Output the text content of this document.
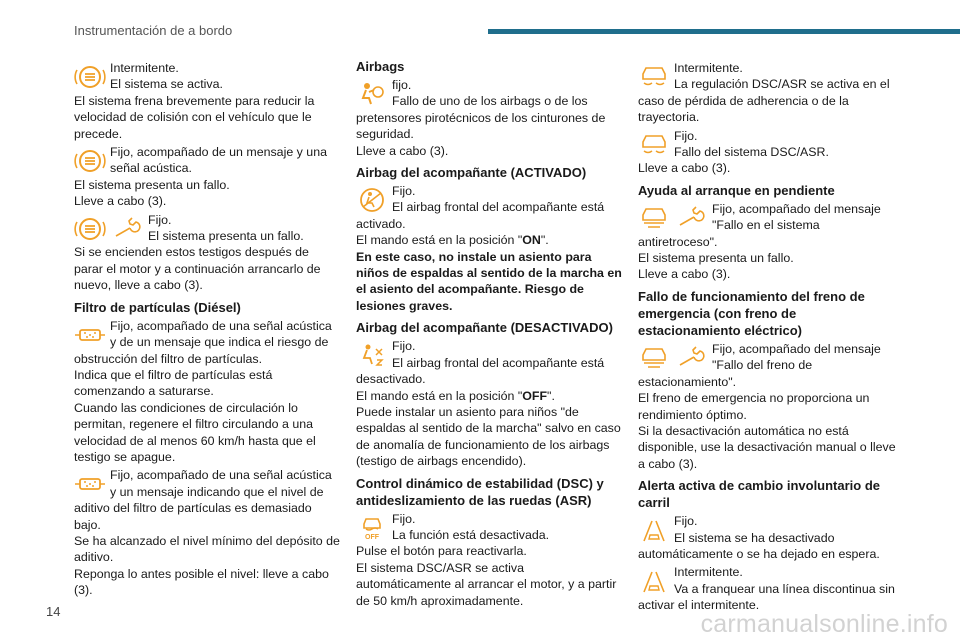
Instrumentación de a bordo

Intermitente.

El sistema se activa.

El sistema frena brevemente para reducir la velocidad de colisión con el vehículo que le precede.

Fijo, acompañado de un mensaje y una señal acústica.

El sistema presenta un fallo.

Lleve a cabo (3).

Fijo.

El sistema presenta un fallo.

Si se encienden estos testigos después de parar el motor y a continuación arrancarlo de nuevo, lleve a cabo (3).

Filtro de partículas (Diésel)

Fijo, acompañado de una señal acústica y de un mensaje que indica el riesgo de obstrucción del filtro de partículas.

Indica que el filtro de partículas está comenzando a saturarse.

Cuando las condiciones de circulación lo permitan, regenere el filtro circulando a una velocidad de al menos 60 km/h hasta que el testigo se apague.

Fijo, acompañado de una señal acústica y un mensaje indicando que el nivel de aditivo del filtro de partículas es demasiado bajo.

Se ha alcanzado el nivel mínimo del depósito de aditivo.

Reponga lo antes posible el nivel: lleve a cabo (3).

Airbags

fijo.

Fallo de uno de los airbags o de los pretensores pirotécnicos de los cinturones de seguridad.

Lleve a cabo (3).

Airbag del acompañante (ACTIVADO)

Fijo.

El airbag frontal del acompañante está activado.

El mando está en la posición "ON".

En este caso, no instale un asiento para niños de espaldas al sentido de la marcha en el asiento del acompañante. Riesgo de lesiones graves.

Airbag del acompañante (DESACTIVADO)

Fijo.

El airbag frontal del acompañante está desactivado.

El mando está en la posición "OFF".

Puede instalar un asiento para niños "de espaldas al sentido de la marcha" salvo en caso de anomalía de funcionamiento de los airbags (testigo de airbags encendido).

Control dinámico de estabilidad (DSC) y antideslizamiento de las ruedas (ASR)
OFF

Fijo.

La función está desactivada.

Pulse el botón para reactivarla.

El sistema DSC/ASR se activa automáticamente al arrancar el motor, y a partir de 50 km/h aproximadamente.

Intermitente.

La regulación DSC/ASR se activa en el caso de pérdida de adherencia o de la trayectoria.

Fijo.

Fallo del sistema DSC/ASR.

Lleve a cabo (3).

Ayuda al arranque en pendiente

Fijo, acompañado del mensaje "Fallo en el sistema antiretroceso".

El sistema presenta un fallo.

Lleve a cabo (3).

Fallo de funcionamiento del freno de emergencia (con freno de estacionamiento eléctrico)

Fijo, acompañado del mensaje "Fallo del freno de estacionamiento".

El freno de emergencia no proporciona un rendimiento óptimo.

Si la desactivación automática no está disponible, use la desactivación manual o lleve a cabo (3).

Alerta activa de cambio involuntario de carril

Fijo.

El sistema se ha desactivado automáticamente o se ha dejado en espera.

Intermitente.

Va a franquear una línea discontinua sin activar el intermitente.

14	carmanualsonline.info
